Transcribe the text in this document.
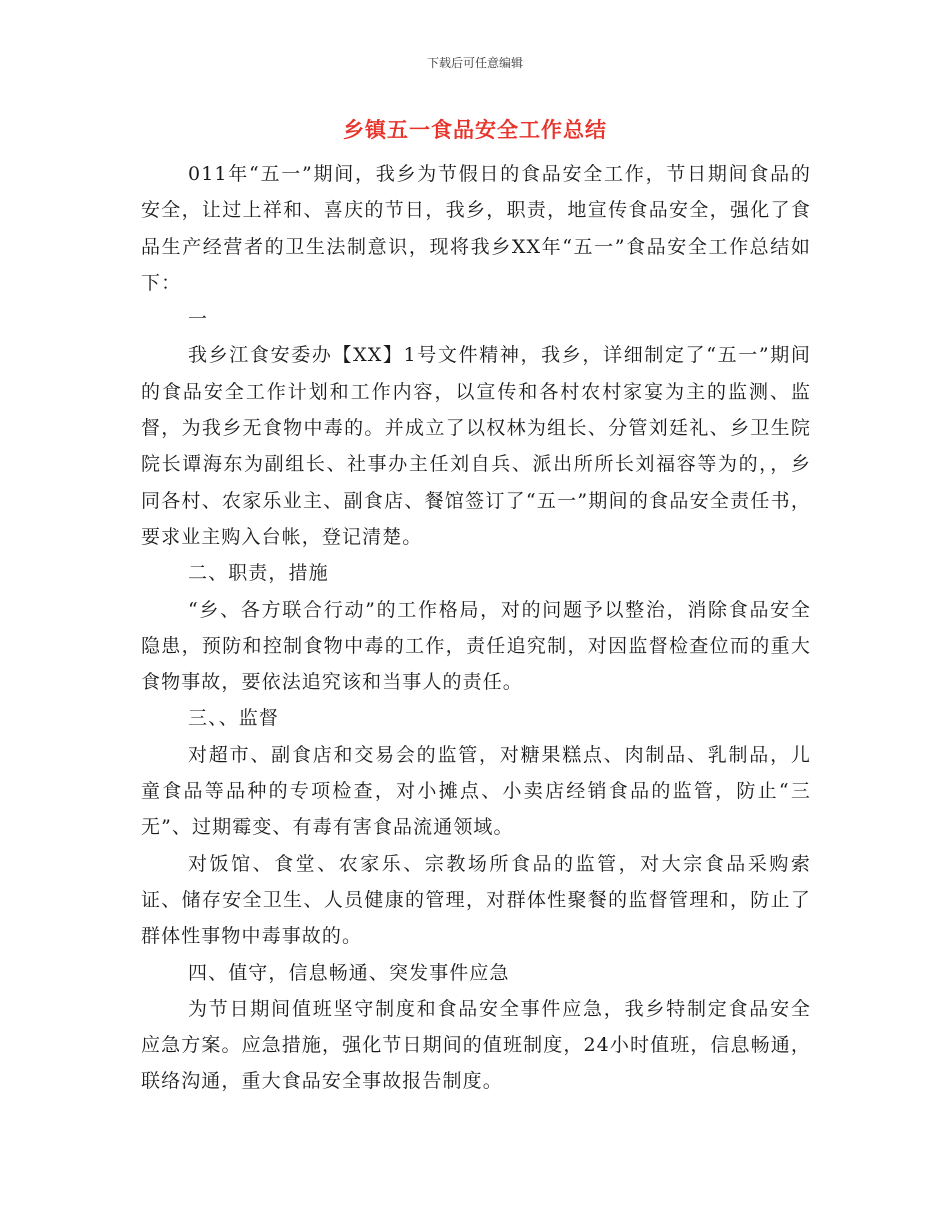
下载后可任意编辑
乡镇五一食品安全工作总结

011年“五一”期间，我乡为节假日的食品安全工作，节日期间食品的安全，让过上祥和、喜庆的节日，我乡，职责，地宣传食品安全，强化了食品生产经营者的卫生法制意识，现将我乡XX年“五一”食品安全工作总结如下：

一

我乡江食安委办【XX】1号文件精神，我乡，详细制定了“五一”期间的食品安全工作计划和工作内容，以宣传和各村农村家宴为主的监测、监督，为我乡无食物中毒的。并成立了以权林为组长、分管刘廷礼、乡卫生院院长谭海东为副组长、社事办主任刘自兵、派出所所长刘福容等为的，，乡同各村、农家乐业主、副食店、餐馆签订了“五一”期间的食品安全责任书，要求业主购入台帐，登记清楚。

二、职责，措施

“乡、各方联合行动”的工作格局，对的问题予以整治，消除食品安全隐患，预防和控制食物中毒的工作，责任追究制，对因监督检查位而的重大食物事故，要依法追究该和当事人的责任。

三、、监督

对超市、副食店和交易会的监管，对糖果糕点、肉制品、乳制品，儿童食品等品种的专项检查，对小摊点、小卖店经销食品的监管，防止“三无”、过期霉变、有毒有害食品流通领域。

对饭馆、食堂、农家乐、宗教场所食品的监管，对大宗食品采购索证、储存安全卫生、人员健康的管理，对群体性聚餐的监督管理和，防止了群体性事物中毒事故的。

四、值守，信息畅通、突发事件应急

为节日期间值班坚守制度和食品安全事件应急，我乡特制定食品安全应急方案。应急措施，强化节日期间的值班制度，24小时值班，信息畅通，联络沟通，重大食品安全事故报告制度。
